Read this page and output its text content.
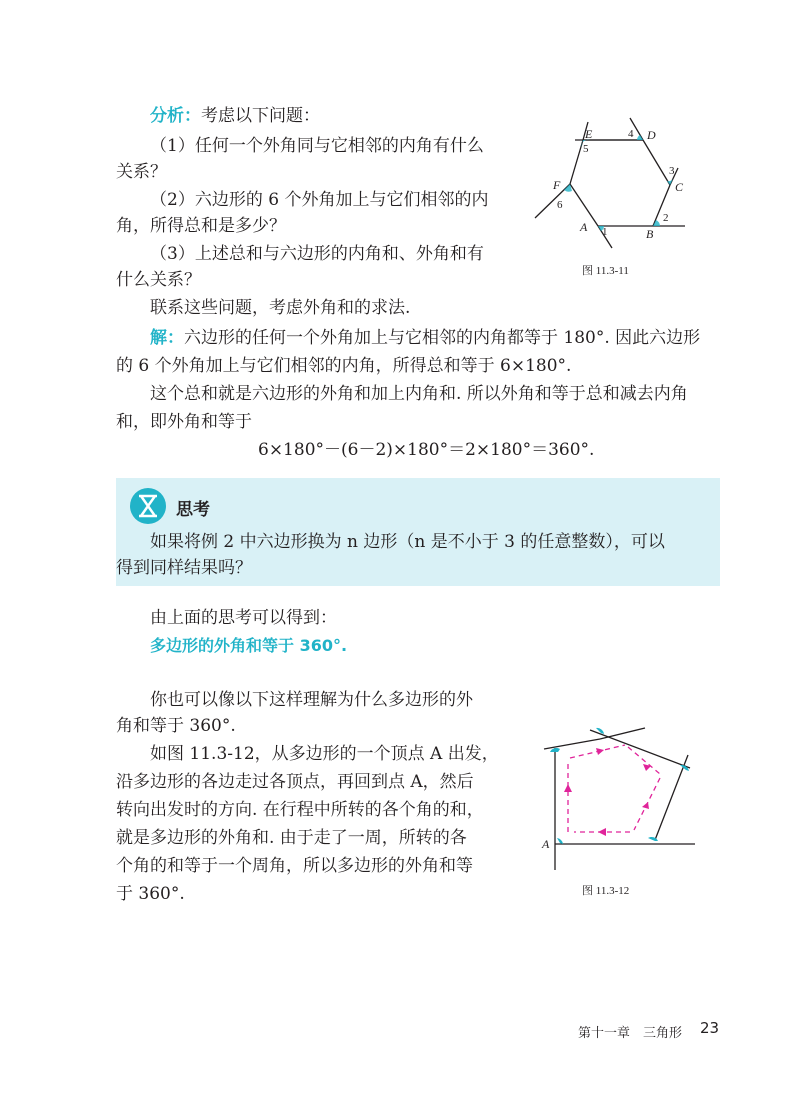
分析：考虑以下问题：
（1）任何一个外角同与它相邻的内角有什么
关系？
（2）六边形的 6 个外角加上与它们相邻的内
角，所得总和是多少？
（3）上述总和与六边形的内角和、外角和有
什么关系？
联系这些问题，考虑外角和的求法.
A	B
C
D
E
F
1
2
3
4
5
6
图 11.3-11
解：六边形的任何一个外角加上与它相邻的内角都等于 180°. 因此六边形
的 6 个外角加上与它们相邻的内角，所得总和等于 6×180°.
这个总和就是六边形的外角和加上内角和. 所以外角和等于总和减去内角
和，即外角和等于
6×180°－(6－2)×180°＝2×180°＝360°.
思考
如果将例 2 中六边形换为 n 边形（n 是不小于 3 的任意整数），可以
得到同样结果吗？
由上面的思考可以得到：
多边形的外角和等于 360°.
你也可以像以下这样理解为什么多边形的外
角和等于 360°.
如图 11.3-12，从多边形的一个顶点 A 出发，
沿多边形的各边走过各顶点，再回到点 A，然后
转向出发时的方向. 在行程中所转的各个角的和，
就是多边形的外角和. 由于走了一周，所转的各
个角的和等于一个周角，所以多边形的外角和等
于 360°.
A
图 11.3-12
第十一章　三角形 23
